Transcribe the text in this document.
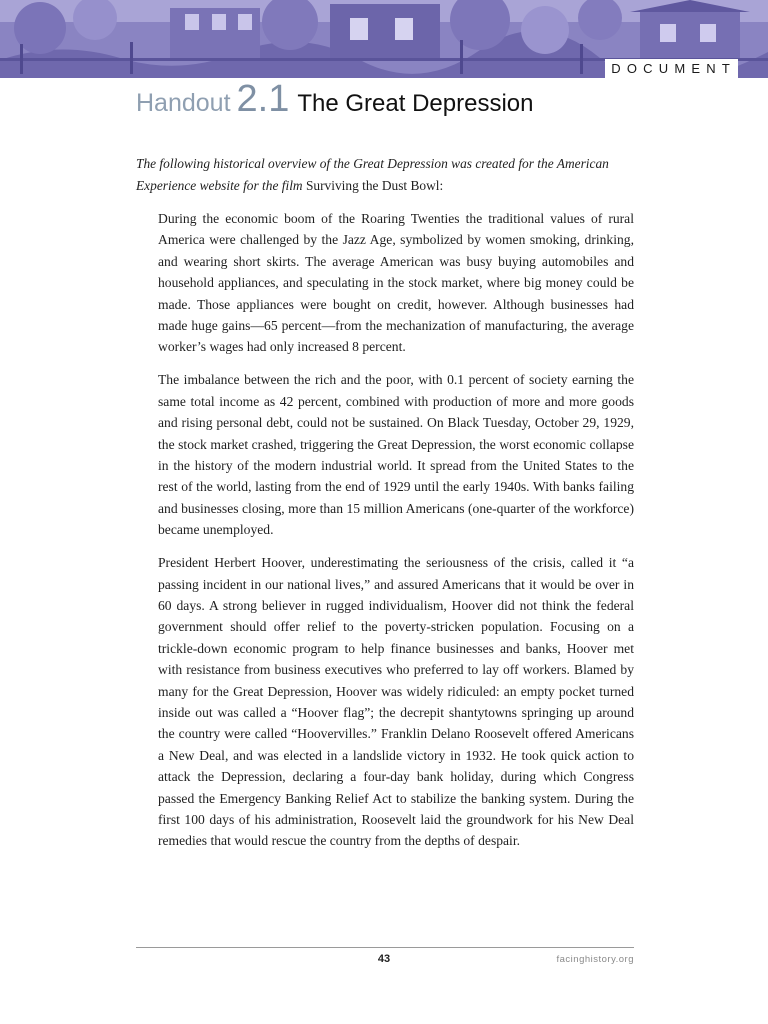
DOCUMENT
Handout 2.1 The Great Depression

The following historical overview of the Great Depression was created for the American Experience website for the film Surviving the Dust Bowl:

During the economic boom of the Roaring Twenties the traditional values of rural America were challenged by the Jazz Age, symbolized by women smoking, drinking, and wearing short skirts. The average American was busy buying automobiles and household appliances, and speculating in the stock market, where big money could be made. Those appliances were bought on credit, however. Although businesses had made huge gains—65 percent—from the mechanization of manufacturing, the average worker’s wages had only increased 8 percent.

The imbalance between the rich and the poor, with 0.1 percent of society earning the same total income as 42 percent, combined with production of more and more goods and rising personal debt, could not be sustained. On Black Tuesday, October 29, 1929, the stock market crashed, triggering the Great Depression, the worst economic collapse in the history of the modern industrial world. It spread from the United States to the rest of the world, lasting from the end of 1929 until the early 1940s. With banks failing and businesses closing, more than 15 million Americans (one-quarter of the workforce) became unemployed.

President Herbert Hoover, underestimating the seriousness of the crisis, called it “a passing incident in our national lives,” and assured Americans that it would be over in 60 days. A strong believer in rugged individualism, Hoover did not think the federal government should offer relief to the poverty-stricken population. Focusing on a trickle-down economic program to help finance businesses and banks, Hoover met with resistance from business executives who preferred to lay off workers. Blamed by many for the Great Depression, Hoover was widely ridiculed: an empty pocket turned inside out was called a “Hoover flag”; the decrepit shantytowns springing up around the country were called “Hoovervilles.” Franklin Delano Roosevelt offered Americans a New Deal, and was elected in a landslide victory in 1932. He took quick action to attack the Depression, declaring a four-day bank holiday, during which Congress passed the Emergency Banking Relief Act to stabilize the banking system. During the first 100 days of his administration, Roosevelt laid the groundwork for his New Deal remedies that would rescue the country from the depths of despair.

43	facinghistory.org
